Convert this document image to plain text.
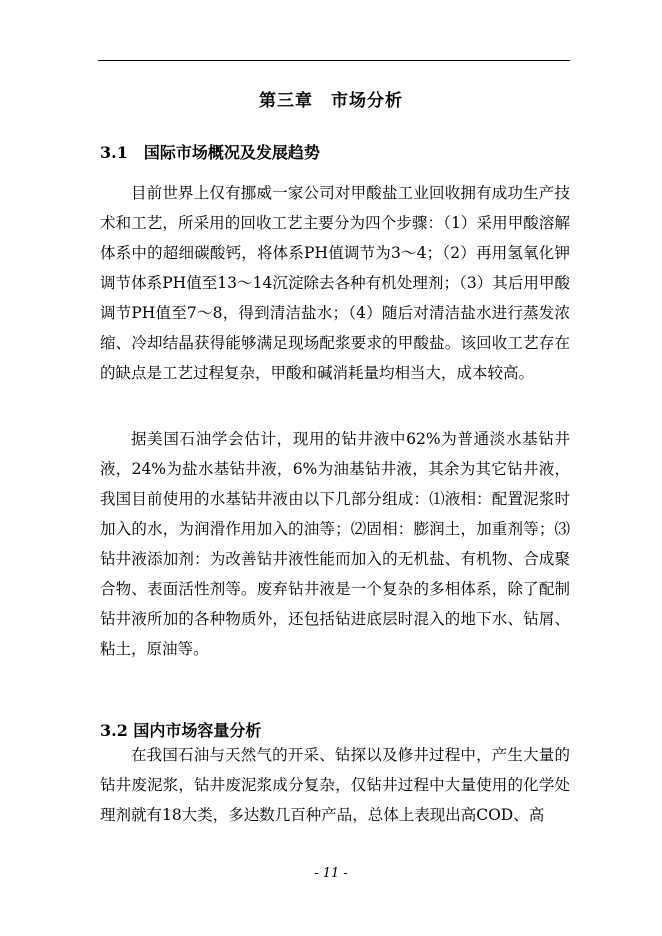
第三章　市场分析
3.1　国际市场概况及发展趋势

目前世界上仅有挪威一家公司对甲酸盐工业回收拥有成功生产技术和工艺，所采用的回收工艺主要分为四个步骤：（1）采用甲酸溶解体系中的超细碳酸钙，将体系PH值调节为3～4；（2）再用氢氧化钾调节体系PH值至13～14沉淀除去各种有机处理剂；（3）其后用甲酸调节PH值至7～8，得到清洁盐水；（4）随后对清洁盐水进行蒸发浓缩、冷却结晶获得能够满足现场配浆要求的甲酸盐。该回收工艺存在的缺点是工艺过程复杂，甲酸和碱消耗量均相当大，成本较高。

据美国石油学会估计，现用的钻井液中62%为普通淡水基钻井液，24%为盐水基钻井液，6%为油基钻井液，其余为其它钻井液，我国目前使用的水基钻井液由以下几部分组成：⑴液相：配置泥浆时加入的水，为润滑作用加入的油等；⑵固相：膨润土，加重剂等；⑶钻井液添加剂：为改善钻井液性能而加入的无机盐、有机物、合成聚合物、表面活性剂等。废弃钻井液是一个复杂的多相体系，除了配制钻井液所加的各种物质外，还包括钻进底层时混入的地下水、钻屑、粘土，原油等。

3.2 国内市场容量分析

在我国石油与天然气的开采、钻探以及修井过程中，产生大量的钻井废泥浆，钻井废泥浆成分复杂，仅钻井过程中大量使用的化学处理剂就有18大类，多达数几百种产品，总体上表现出高COD、高

- 11 -
